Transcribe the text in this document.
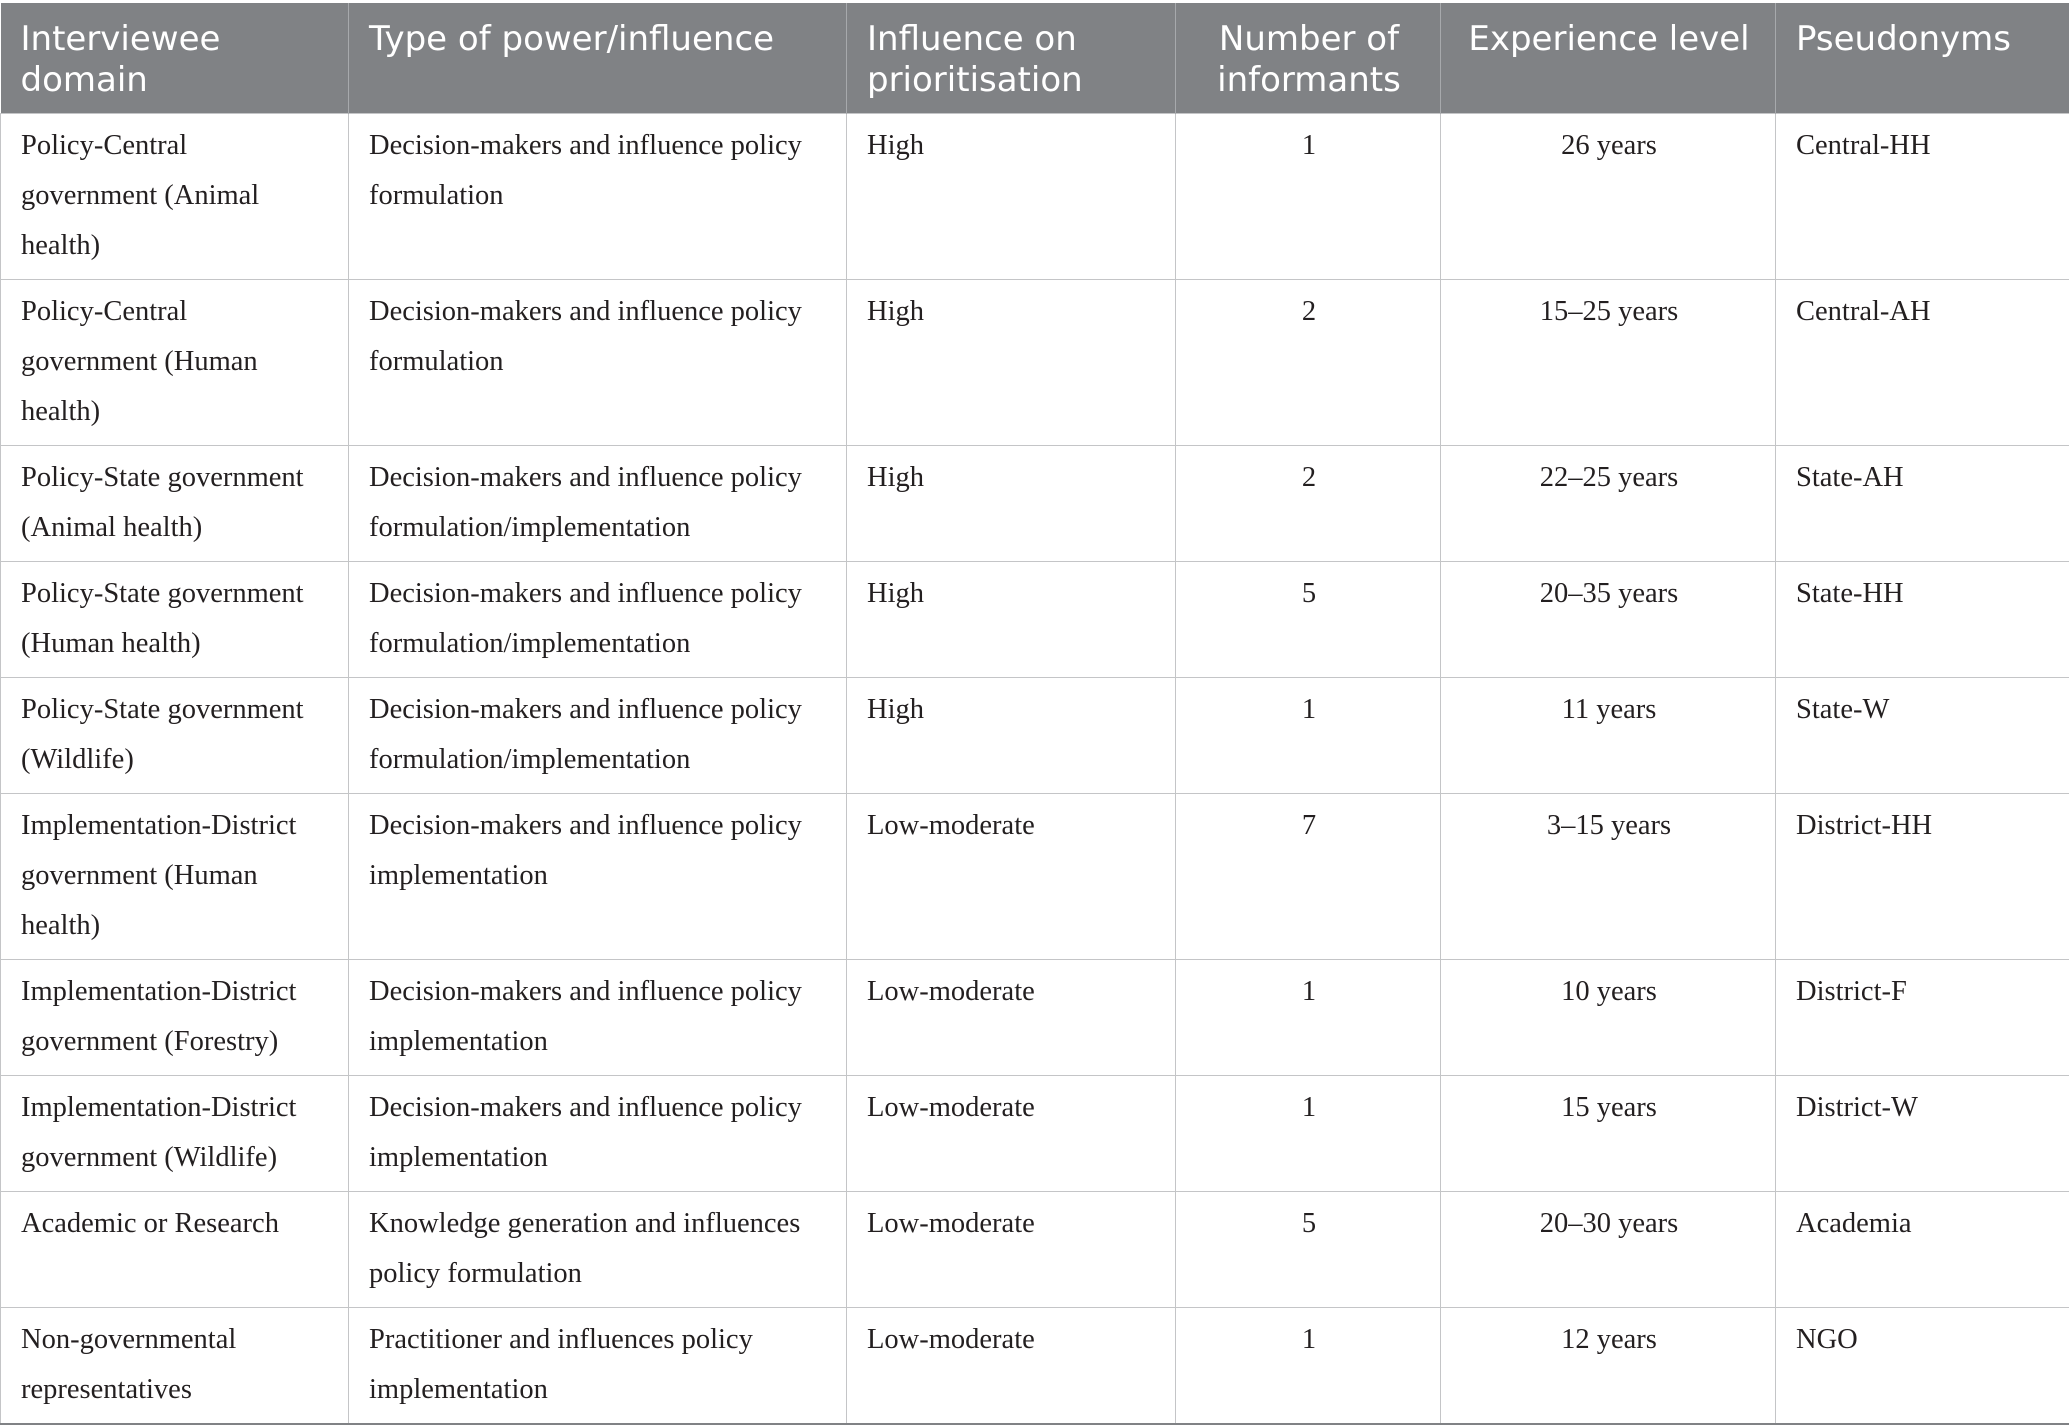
Interviewee domain	Type of power/influence	Influence on prioritisation	Number of informants	Experience level	Pseudonyms
Policy-Central government (Animal health)	Decision-makers and influence policy formulation	High	1	26 years	Central-HH
Policy-Central government (Human health)	Decision-makers and influence policy formulation	High	2	15–25 years	Central-AH
Policy-State government (Animal health)	Decision-makers and influence policy formulation/implementation	High	2	22–25 years	State-AH
Policy-State government (Human health)	Decision-makers and influence policy formulation/implementation	High	5	20–35 years	State-HH
Policy-State government (Wildlife)	Decision-makers and influence policy formulation/implementation	High	1	11 years	State-W
Implementation-District government (Human health)	Decision-makers and influence policy implementation	Low-moderate	7	3–15 years	District-HH
Implementation-District government (Forestry)	Decision-makers and influence policy implementation	Low-moderate	1	10 years	District-F
Implementation-District government (Wildlife)	Decision-makers and influence policy implementation	Low-moderate	1	15 years	District-W
Academic or Research	Knowledge generation and influences policy formulation	Low-moderate	5	20–30 years	Academia
Non-governmental representatives	Practitioner and influences policy implementation	Low-moderate	1	12 years	NGO
